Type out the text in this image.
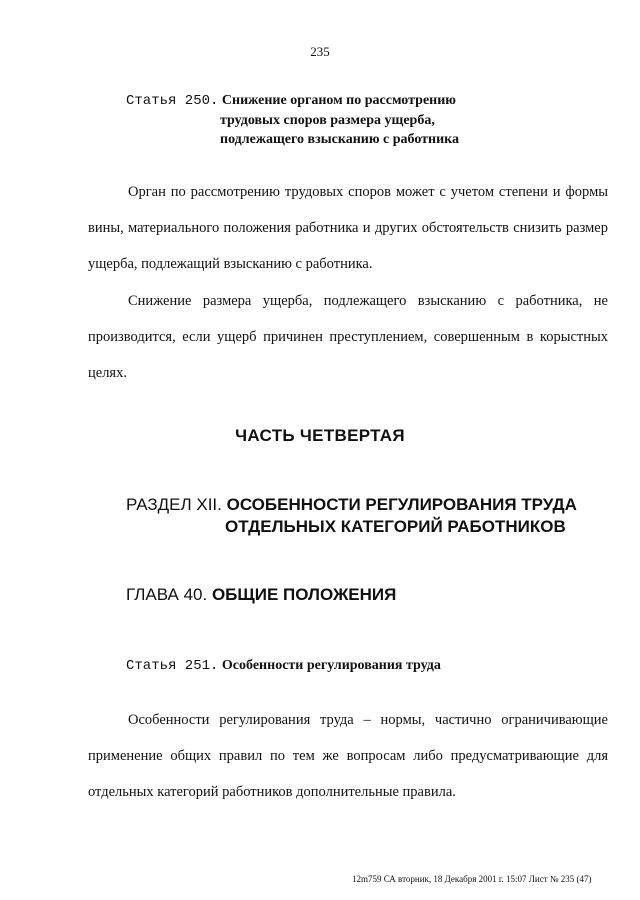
235
Статья 250. Снижение органом по рассмотрению
трудовых споров размера ущерба,
подлежащего взысканию с работника
Орган по рассмотрению трудовых споров может с учетом степени и формы вины, материального положения работника и других обстоятельств снизить размер ущерба, подлежащий взысканию с работника.
Снижение размера ущерба, подлежащего взысканию с работника, не производится, если ущерб причинен преступлением, совершенным в корыстных целях.
ЧАСТЬ ЧЕТВЕРТАЯ
РАЗДЕЛ XII. ОСОБЕННОСТИ РЕГУЛИРОВАНИЯ ТРУДА
ОТДЕЛЬНЫХ КАТЕГОРИЙ РАБОТНИКОВ
ГЛАВА 40. ОБЩИЕ ПОЛОЖЕНИЯ
Статья 251. Особенности регулирования труда
Особенности регулирования труда – нормы, частично ограничивающие применение общих правил по тем же вопросам либо предусматривающие для отдельных категорий работников дополнительные правила.
12m759 СА вторник, 18 Декабря 2001 г. 15:07 Лист № 235 (47)
